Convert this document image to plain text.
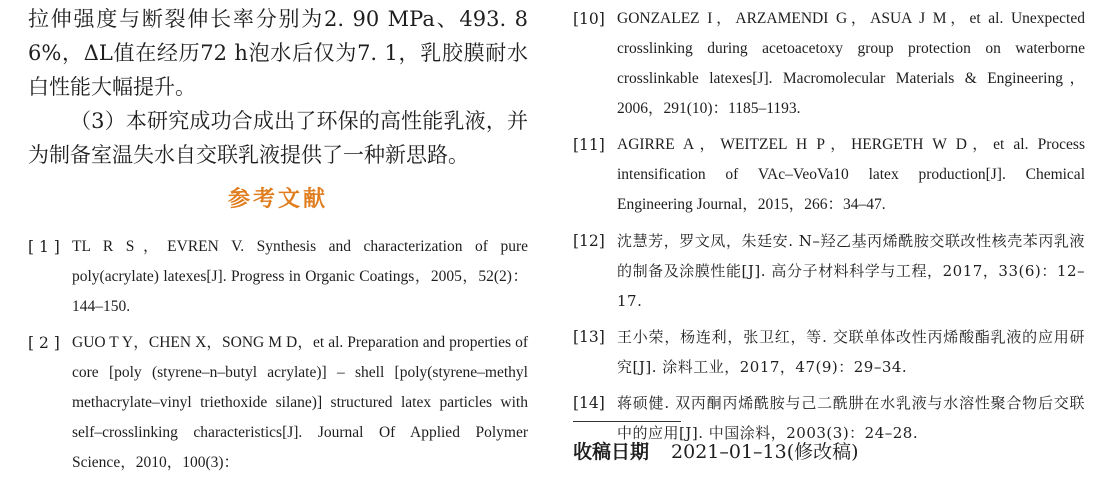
拉伸强度与断裂伸长率分别为2. 90 MPa、493. 86%，ΔL值在经历72 h泡水后仅为7. 1，乳胶膜耐水白性能大幅提升。

（3）本研究成功合成出了环保的高性能乳液，并为制备室温失水自交联乳液提供了一种新思路。

参考文献
[ 1 ] TL R S，EVREN V. Synthesis and characterization of pure poly(acrylate) latexes[J]. Progress in Organic Coatings，2005，52(2)：144–150.
[ 2 ] GUO T Y，CHEN X，SONG M D，et al. Preparation and properties of core [poly (styrene–n–butyl acrylate)] – shell [poly(styrene–methyl methacrylate–vinyl triethoxide silane)] structured latex particles with self–crosslinking characteristics[J]. Journal Of Applied Polymer Science，2010，100(3)：
[10] GONZALEZ I，ARZAMENDI G，ASUA J M，et al. Unexpected crosslinking during acetoacetoxy group protection on waterborne crosslinkable latexes[J]. Macromolecular Materials & Engineering，2006，291(10)：1185–1193.
[11] AGIRRE A，WEITZEL H P，HERGETH W D，et al. Process intensification of VAc–VeoVa10 latex production[J]. Chemical Engineering Journal，2015，266：34–47.
[12] 沈慧芳，罗文凤，朱廷安. N–羟乙基丙烯酰胺交联改性核壳苯丙乳液的制备及涂膜性能[J]. 高分子材料科学与工程，2017，33(6)：12–17.
[13] 王小荣，杨连利，张卫红，等. 交联单体改性丙烯酸酯乳液的应用研究[J]. 涂料工业，2017，47(9)：29–34.
[14] 蒋硕健. 双丙酮丙烯酰胺与己二酰肼在水乳液与水溶性聚合物后交联中的应用[J]. 中国涂料，2003(3)：24–28.
收稿日期 2021–01–13(修改稿)
